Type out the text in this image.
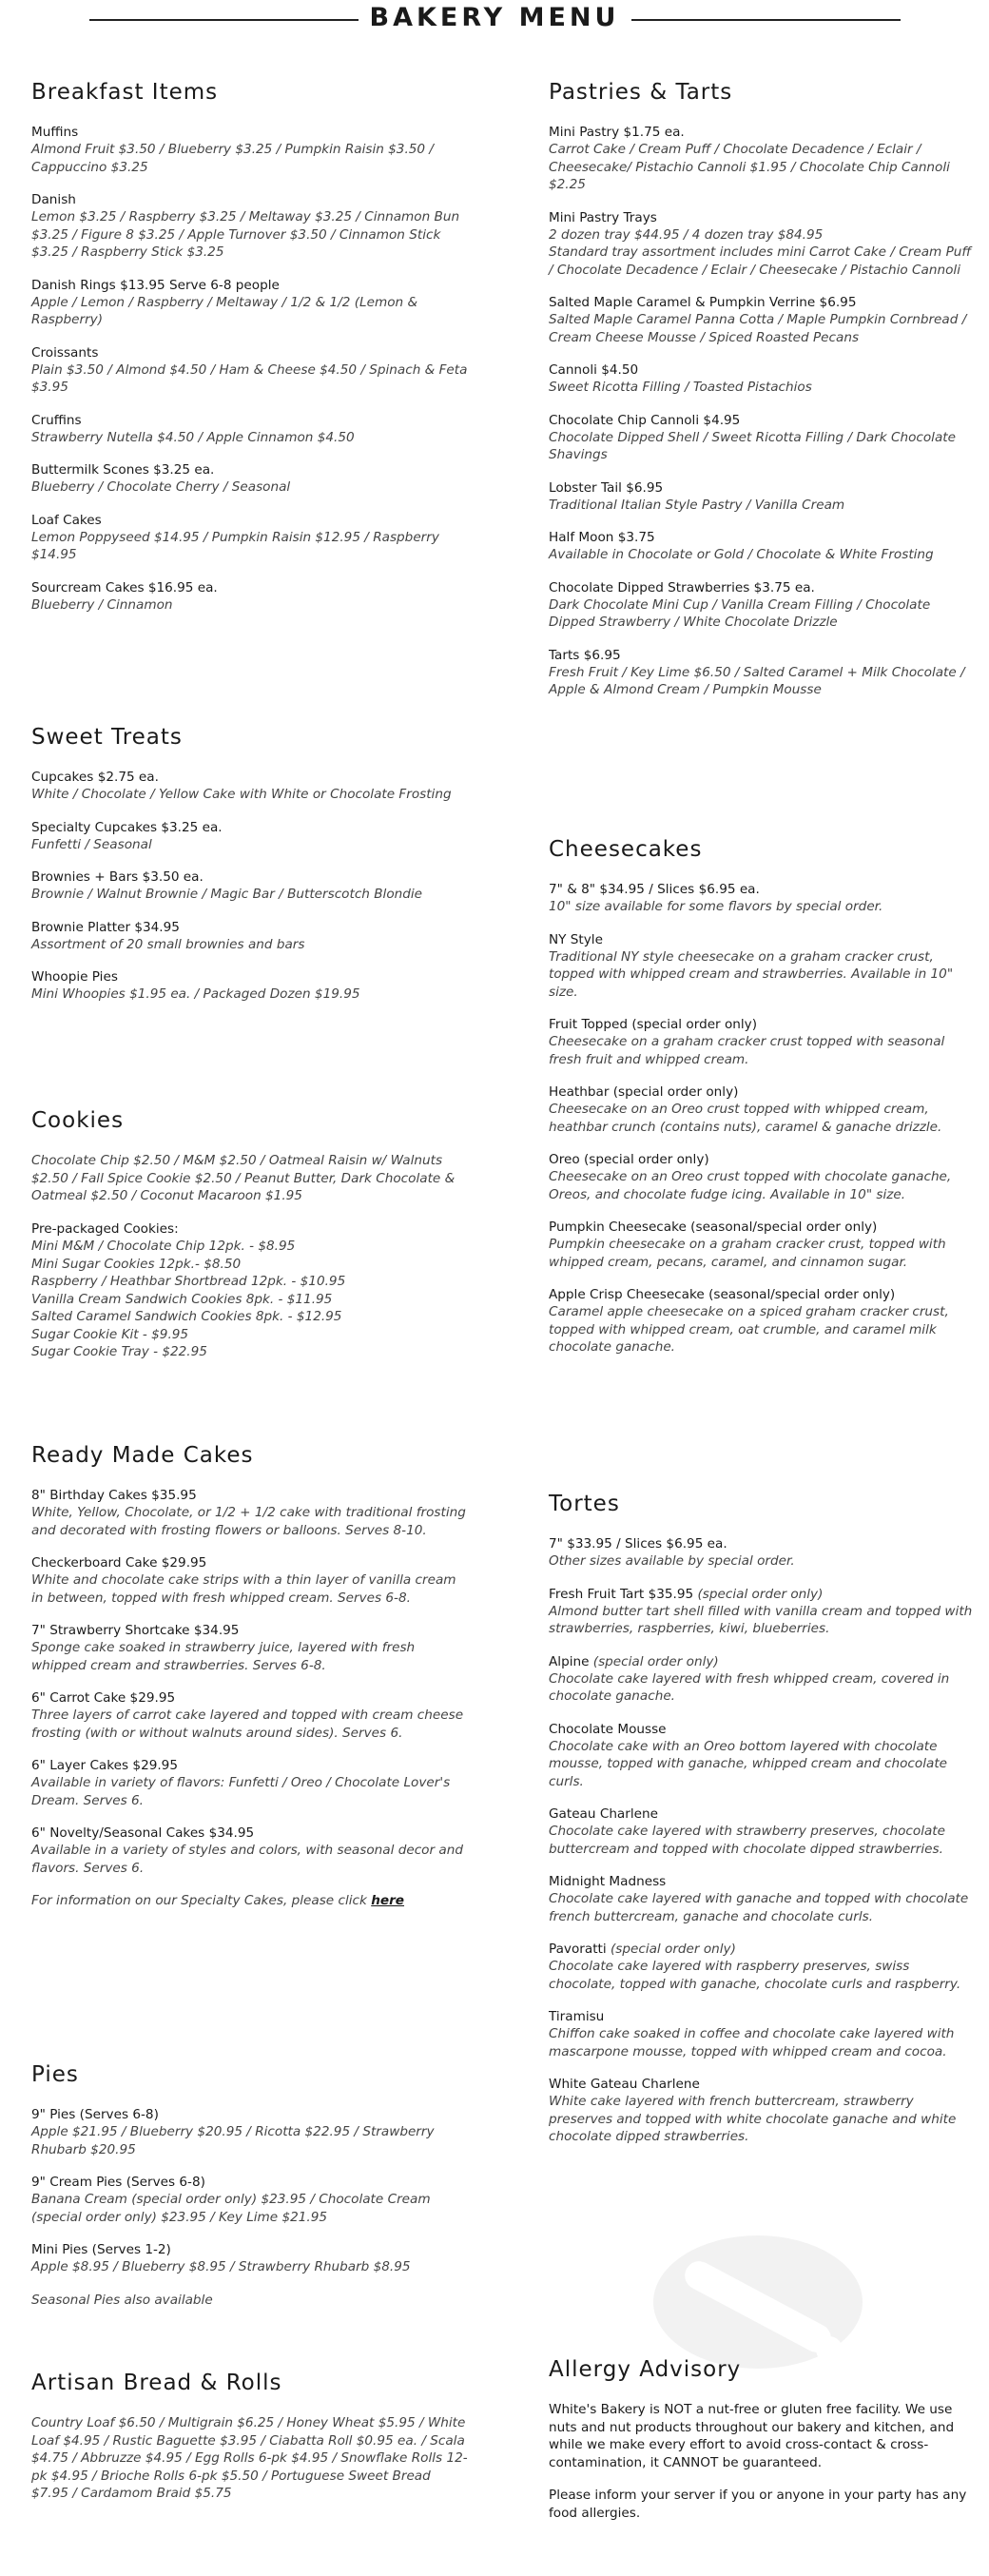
BAKERY MENU
Breakfast Items
Muffins
Almond Fruit $3.50 / Blueberry $3.25 / Pumpkin Raisin $3.50 / Cappuccino $3.25
Danish
Lemon $3.25 / Raspberry $3.25 / Meltaway $3.25 / Cinnamon Bun $3.25 / Figure 8 $3.25 / Apple Turnover $3.50 / Cinnamon Stick $3.25 / Raspberry Stick $3.25
Danish Rings $13.95 Serve 6-8 people
Apple / Lemon / Raspberry / Meltaway / 1/2 & 1/2 (Lemon & Raspberry)
Croissants
Plain $3.50 / Almond $4.50 / Ham & Cheese $4.50 / Spinach & Feta $3.95
Cruffins
Strawberry Nutella $4.50 / Apple Cinnamon $4.50
Buttermilk Scones $3.25 ea.
Blueberry / Chocolate Cherry / Seasonal
Loaf Cakes
Lemon Poppyseed $14.95 / Pumpkin Raisin $12.95 / Raspberry $14.95
Sourcream Cakes $16.95 ea.
Blueberry / Cinnamon
Sweet Treats
Cupcakes $2.75 ea.
White / Chocolate / Yellow Cake with White or Chocolate Frosting
Specialty Cupcakes $3.25 ea.
Funfetti / Seasonal
Brownies + Bars $3.50 ea.
Brownie / Walnut Brownie / Magic Bar / Butterscotch Blondie
Brownie Platter $34.95
Assortment of 20 small brownies and bars
Whoopie Pies
Mini Whoopies $1.95 ea. / Packaged Dozen $19.95
Cookies
Chocolate Chip $2.50 / M&M $2.50 / Oatmeal Raisin w/ Walnuts $2.50 / Fall Spice Cookie $2.50 / Peanut Butter, Dark Chocolate & Oatmeal $2.50 / Coconut Macaroon $1.95
Pre-packaged Cookies:
Mini M&M / Chocolate Chip 12pk. - $8.95
Mini Sugar Cookies 12pk.- $8.50
Raspberry / Heathbar Shortbread 12pk. - $10.95
Vanilla Cream Sandwich Cookies 8pk. - $11.95
Salted Caramel Sandwich Cookies 8pk. - $12.95
Sugar Cookie Kit - $9.95
Sugar Cookie Tray - $22.95
Ready Made Cakes
8" Birthday Cakes $35.95
White, Yellow, Chocolate, or 1/2 + 1/2 cake with traditional frosting and decorated with frosting flowers or balloons. Serves 8-10.
Checkerboard Cake $29.95
White and chocolate cake strips with a thin layer of vanilla cream in between, topped with fresh whipped cream. Serves 6-8.
7" Strawberry Shortcake $34.95
Sponge cake soaked in strawberry juice, layered with fresh whipped cream and strawberries. Serves 6-8.
6" Carrot Cake $29.95
Three layers of carrot cake layered and topped with cream cheese frosting (with or without walnuts around sides). Serves 6.
6" Layer Cakes $29.95
Available in variety of flavors: Funfetti / Oreo / Chocolate Lover's Dream. Serves 6.
6" Novelty/Seasonal Cakes $34.95
Available in a variety of styles and colors, with seasonal decor and flavors. Serves 6.
For information on our Specialty Cakes, please click here
Pies
9" Pies (Serves 6-8)
Apple $21.95 / Blueberry $20.95 / Ricotta $22.95 / Strawberry Rhubarb $20.95
9" Cream Pies (Serves 6-8)
Banana Cream (special order only) $23.95 / Chocolate Cream (special order only) $23.95 / Key Lime $21.95
Mini Pies (Serves 1-2)
Apple $8.95 / Blueberry $8.95 / Strawberry Rhubarb $8.95
Seasonal Pies also available
Artisan Bread & Rolls
Country Loaf $6.50 / Multigrain $6.25 / Honey Wheat $5.95 / White Loaf $4.95 / Rustic Baguette $3.95 / Ciabatta Roll $0.95 ea. / Scala $4.75 / Abbruzze $4.95 / Egg Rolls 6-pk $4.95 / Snowflake Rolls 12-pk $4.95 / Brioche Rolls 6-pk $5.50 / Portuguese Sweet Bread $7.95 / Cardamom Braid $5.75
Pastries & Tarts
Mini Pastry $1.75 ea.
Carrot Cake / Cream Puff / Chocolate Decadence / Eclair / Cheesecake/ Pistachio Cannoli $1.95 / Chocolate Chip Cannoli $2.25
Mini Pastry Trays
2 dozen tray $44.95 / 4 dozen tray $84.95
Standard tray assortment includes mini Carrot Cake / Cream Puff / Chocolate Decadence / Eclair / Cheesecake / Pistachio Cannoli
Salted Maple Caramel & Pumpkin Verrine $6.95
Salted Maple Caramel Panna Cotta / Maple Pumpkin Cornbread / Cream Cheese Mousse / Spiced Roasted Pecans
Cannoli $4.50
Sweet Ricotta Filling / Toasted Pistachios
Chocolate Chip Cannoli $4.95
Chocolate Dipped Shell / Sweet Ricotta Filling / Dark Chocolate Shavings
Lobster Tail $6.95
Traditional Italian Style Pastry / Vanilla Cream
Half Moon $3.75
Available in Chocolate or Gold / Chocolate & White Frosting
Chocolate Dipped Strawberries $3.75 ea.
Dark Chocolate Mini Cup / Vanilla Cream Filling / Chocolate Dipped Strawberry / White Chocolate Drizzle
Tarts $6.95
Fresh Fruit / Key Lime $6.50 / Salted Caramel + Milk Chocolate / Apple & Almond Cream / Pumpkin Mousse
Cheesecakes
7" & 8" $34.95 / Slices $6.95 ea.
10" size available for some flavors by special order.
NY Style
Traditional NY style cheesecake on a graham cracker crust, topped with whipped cream and strawberries. Available in 10" size.
Fruit Topped (special order only)
Cheesecake on a graham cracker crust topped with seasonal fresh fruit and whipped cream.
Heathbar (special order only)
Cheesecake on an Oreo crust topped with whipped cream, heathbar crunch (contains nuts), caramel & ganache drizzle.
Oreo (special order only)
Cheesecake on an Oreo crust topped with chocolate ganache, Oreos, and chocolate fudge icing. Available in 10" size.
Pumpkin Cheesecake (seasonal/special order only)
Pumpkin cheesecake on a graham cracker crust, topped with whipped cream, pecans, caramel, and cinnamon sugar.
Apple Crisp Cheesecake (seasonal/special order only)
Caramel apple cheesecake on a spiced graham cracker crust, topped with whipped cream, oat crumble, and caramel milk chocolate ganache.
Tortes
7" $33.95 / Slices $6.95 ea.
Other sizes available by special order.
Fresh Fruit Tart $35.95 (special order only)
Almond butter tart shell filled with vanilla cream and topped with strawberries, raspberries, kiwi, blueberries.
Alpine (special order only)
Chocolate cake layered with fresh whipped cream, covered in chocolate ganache.
Chocolate Mousse
Chocolate cake with an Oreo bottom layered with chocolate mousse, topped with ganache, whipped cream and chocolate curls.
Gateau Charlene
Chocolate cake layered with strawberry preserves, chocolate buttercream and topped with chocolate dipped strawberries.
Midnight Madness
Chocolate cake layered with ganache and topped with chocolate french buttercream, ganache and chocolate curls.
Pavoratti (special order only)
Chocolate cake layered with raspberry preserves, swiss chocolate, topped with ganache, chocolate curls and raspberry.
Tiramisu
Chiffon cake soaked in coffee and chocolate cake layered with mascarpone mousse, topped with whipped cream and cocoa.
White Gateau Charlene
White cake layered with french buttercream, strawberry preserves and topped with white chocolate ganache and white chocolate dipped strawberries.
Allergy Advisory
White's Bakery is NOT a nut-free or gluten free facility. We use nuts and nut products throughout our bakery and kitchen, and while we make every effort to avoid cross-contact & cross-contamination, it CANNOT be guaranteed.
Please inform your server if you or anyone in your party has any food allergies.
